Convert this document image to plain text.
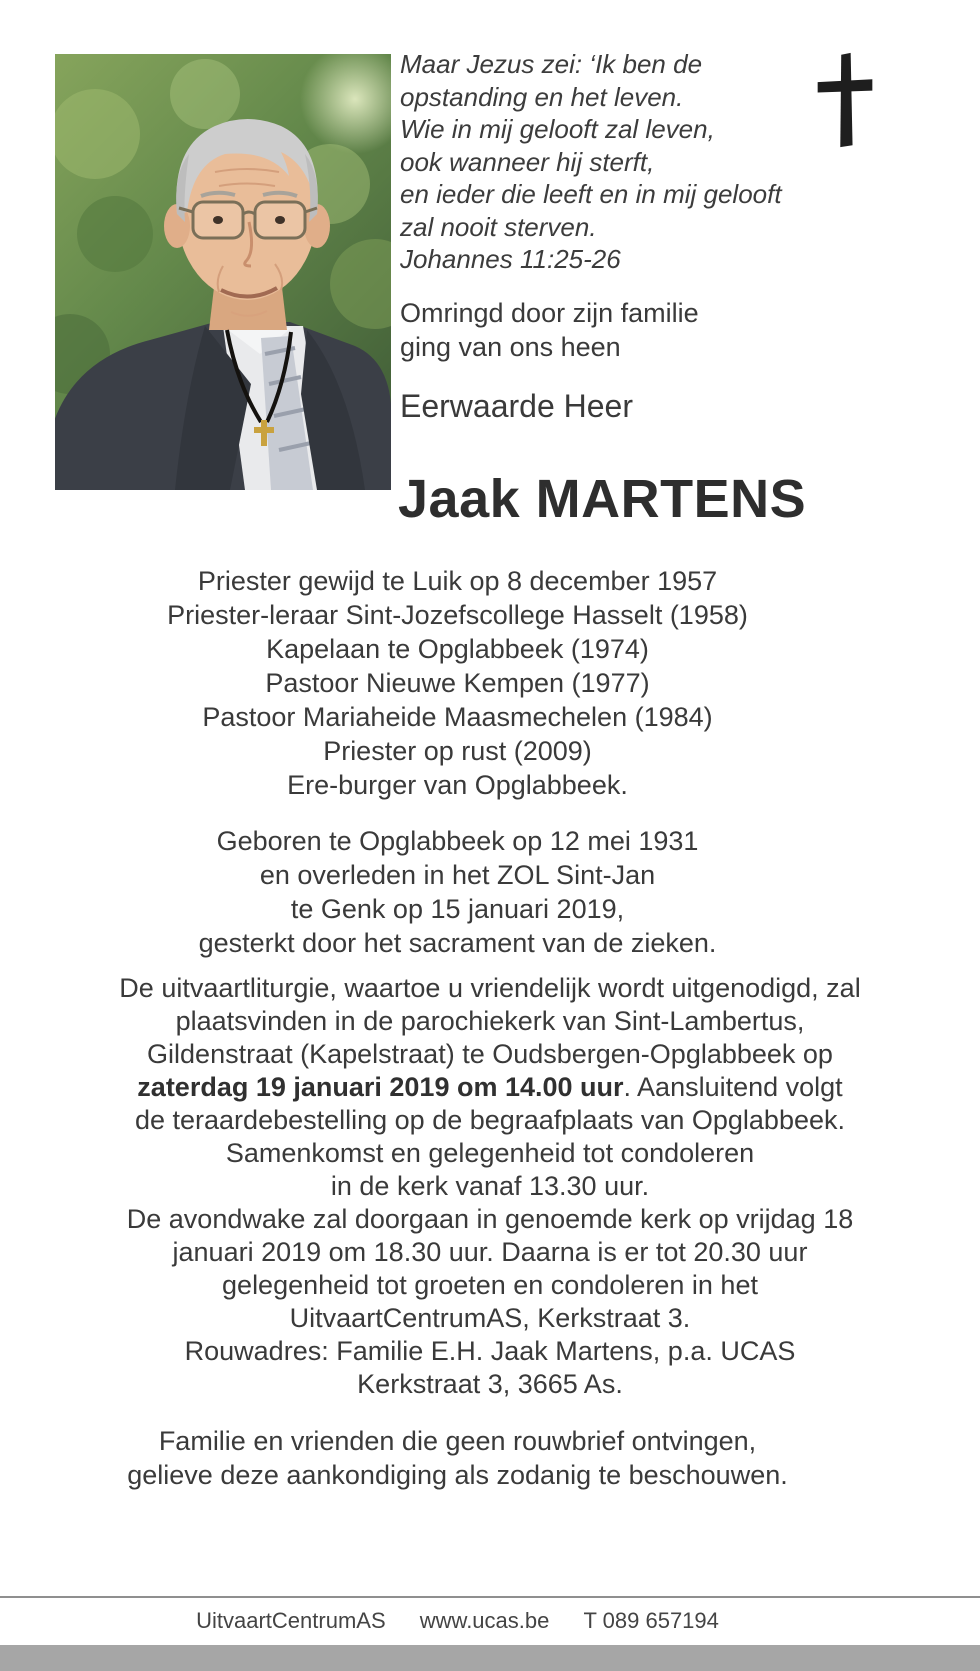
Maar Jezus zei: ‘Ik ben de
opstanding en het leven.
Wie in mij gelooft zal leven,
ook wanneer hij sterft,
en ieder die leeft en in mij gelooft
zal nooit sterven.
Johannes 11:25-26
Omringd door zijn familie
ging van ons heen
Eerwaarde Heer
Jaak MARTENS
Priester gewijd te Luik op 8 december 1957
Priester-leraar Sint-Jozefscollege Hasselt (1958)
Kapelaan te Opglabbeek (1974)
Pastoor Nieuwe Kempen (1977)
Pastoor Mariaheide Maasmechelen (1984)
Priester op rust (2009)
Ere-burger van Opglabbeek.
Geboren te Opglabbeek op 12 mei 1931
en overleden in het ZOL Sint-Jan
te Genk op 15 januari 2019,
gesterkt door het sacrament van de zieken.
De uitvaartliturgie, waartoe u vriendelijk wordt uitgenodigd, zal
plaatsvinden in de parochiekerk van Sint-Lambertus,
Gildenstraat (Kapelstraat) te Oudsbergen-Opglabbeek op
zaterdag 19 januari 2019 om 14.00 uur. Aansluitend volgt
de teraardebestelling op de begraafplaats van Opglabbeek.
Samenkomst en gelegenheid tot condoleren
in de kerk vanaf 13.30 uur.
De avondwake zal doorgaan in genoemde kerk op vrijdag 18
januari 2019 om 18.30 uur. Daarna is er tot 20.30 uur
gelegenheid tot groeten en condoleren in het
UitvaartCentrumAS, Kerkstraat 3.
Rouwadres: Familie E.H. Jaak Martens, p.a. UCAS
Kerkstraat 3, 3665 As.
Familie en vrienden die geen rouwbrief ontvingen,
gelieve deze aankondiging als zodanig te beschouwen.
UitvaartCentrumAS www.ucas.be T 089 657194
